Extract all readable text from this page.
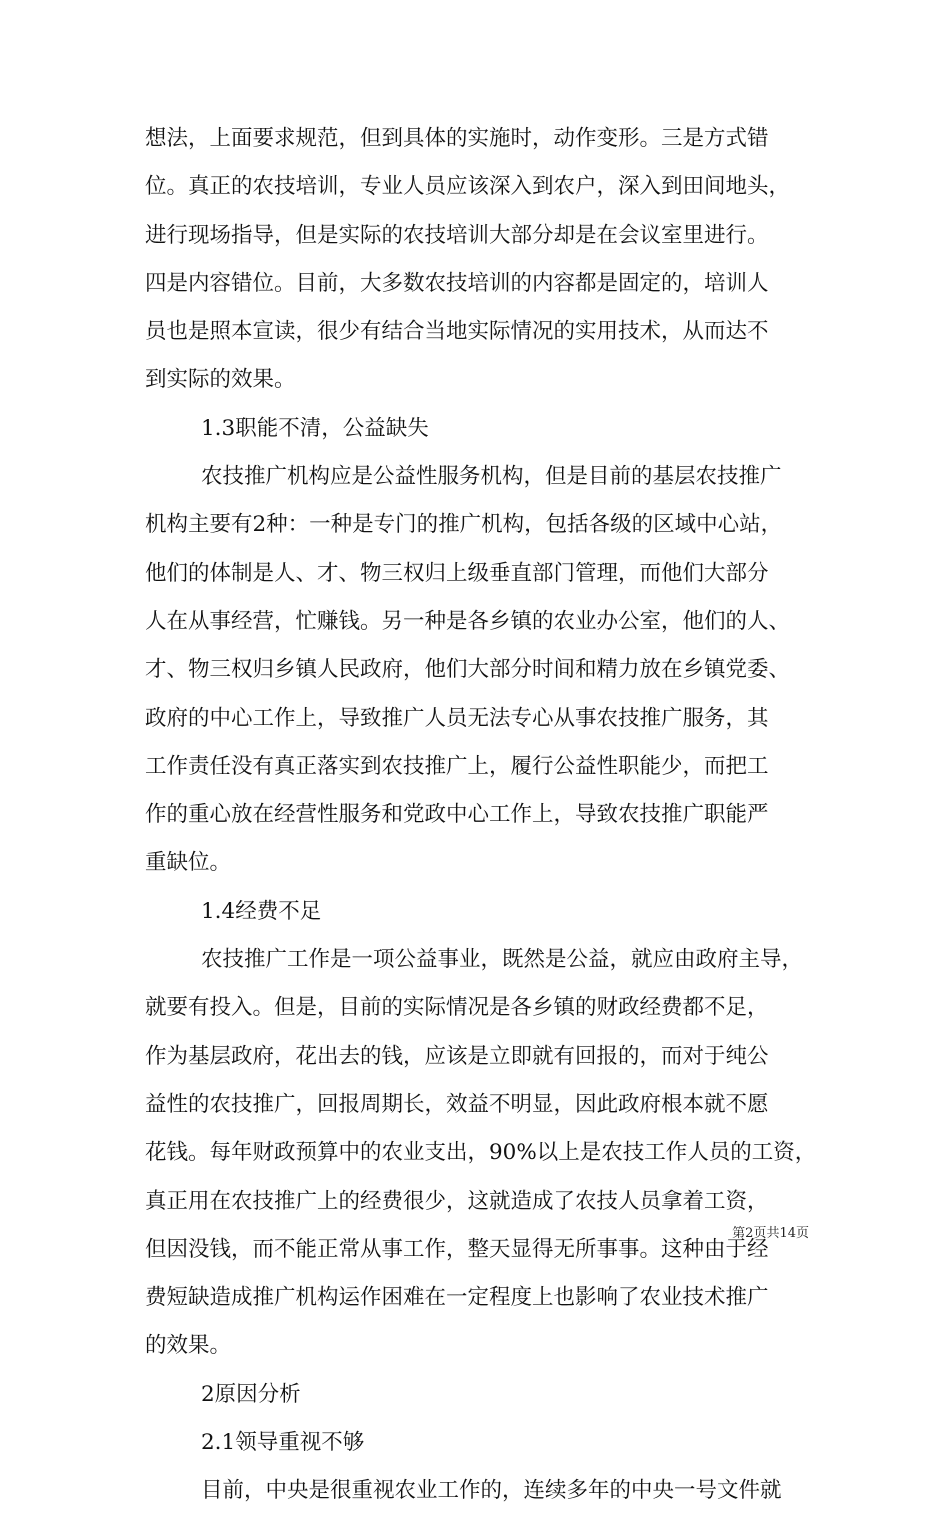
想法，上面要求规范，但到具体的实施时，动作变形。三是方式错
位。真正的农技培训，专业人员应该深入到农户，深入到田间地头，
进行现场指导，但是实际的农技培训大部分却是在会议室里进行。
四是内容错位。目前，大多数农技培训的内容都是固定的，培训人
员也是照本宣读，很少有结合当地实际情况的实用技术，从而达不
到实际的效果。
1.3职能不清，公益缺失
农技推广机构应是公益性服务机构，但是目前的基层农技推广
机构主要有2种：一种是专门的推广机构，包括各级的区域中心站，
他们的体制是人、才、物三权归上级垂直部门管理，而他们大部分
人在从事经营，忙赚钱。另一种是各乡镇的农业办公室，他们的人、
才、物三权归乡镇人民政府，他们大部分时间和精力放在乡镇党委、
政府的中心工作上，导致推广人员无法专心从事农技推广服务，其
工作责任没有真正落实到农技推广上，履行公益性职能少，而把工
作的重心放在经营性服务和党政中心工作上，导致农技推广职能严
重缺位。
1.4经费不足
农技推广工作是一项公益事业，既然是公益，就应由政府主导，
就要有投入。但是，目前的实际情况是各乡镇的财政经费都不足，
作为基层政府，花出去的钱，应该是立即就有回报的，而对于纯公
益性的农技推广，回报周期长，效益不明显，因此政府根本就不愿
花钱。每年财政预算中的农业支出，90%以上是农技工作人员的工资，
真正用在农技推广上的经费很少，这就造成了农技人员拿着工资，
但因没钱，而不能正常从事工作，整天显得无所事事。这种由于经
费短缺造成推广机构运作困难在一定程度上也影响了农业技术推广
的效果。
2原因分析
2.1领导重视不够
目前，中央是很重视农业工作的，连续多年的中央一号文件就
第2页共14页
